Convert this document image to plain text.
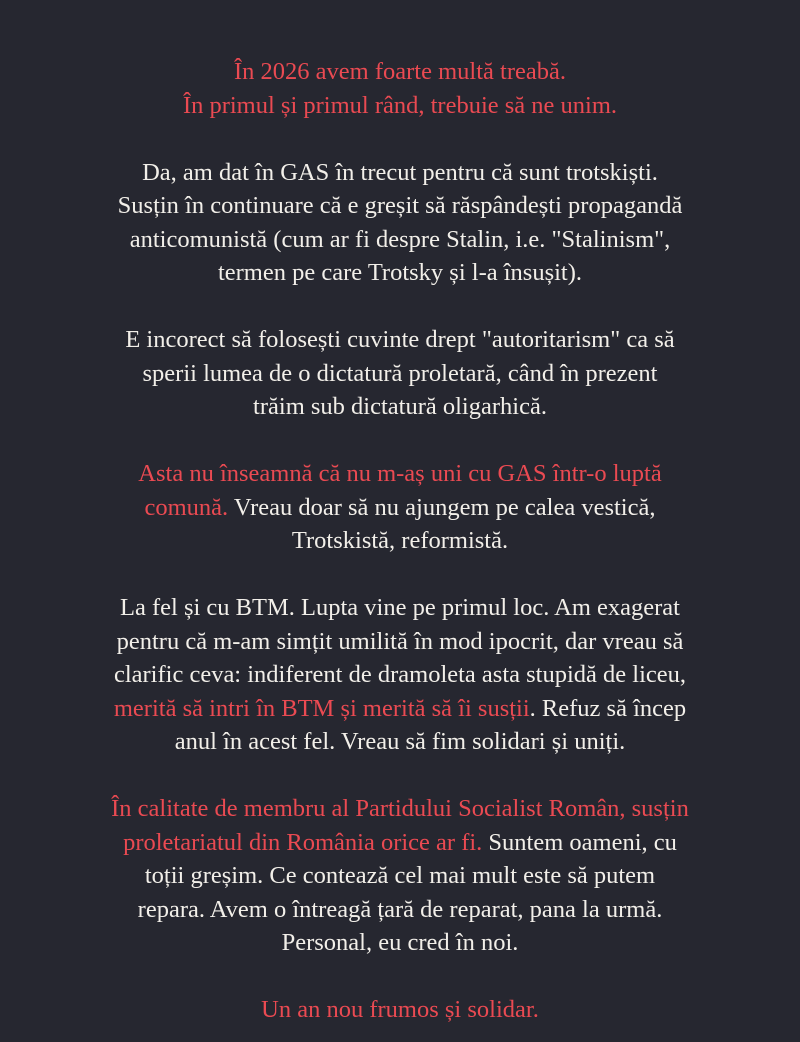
În 2026 avem foarte multă treabă.
În primul și primul rând, trebuie să ne unim.
Da, am dat în GAS în trecut pentru că sunt trotskiști.
Susțin în continuare că e greșit să răspândești propagandă
anticomunistă (cum ar fi despre Stalin, i.e. "Stalinism",
termen pe care Trotsky și l-a însușit).
E incorect să folosești cuvinte drept "autoritarism" ca să
sperii lumea de o dictatură proletară, când în prezent
trăim sub dictatură oligarhică.
Asta nu înseamnă că nu m-aș uni cu GAS într-o luptă
comună. Vreau doar să nu ajungem pe calea vestică,
Trotskistă, reformistă.
La fel și cu BTM. Lupta vine pe primul loc. Am exagerat
pentru că m-am simțit umilită în mod ipocrit, dar vreau să
clarific ceva: indiferent de dramoleta asta stupidă de liceu,
merită să intri în BTM și merită să îi susții. Refuz să încep
anul în acest fel. Vreau să fim solidari și uniți.
În calitate de membru al Partidului Socialist Român, susțin
proletariatul din România orice ar fi. Suntem oameni, cu
toții greșim. Ce contează cel mai mult este să putem
repara. Avem o întreagă țară de reparat, pana la urmă.
Personal, eu cred în noi.
Un an nou frumos și solidar.
